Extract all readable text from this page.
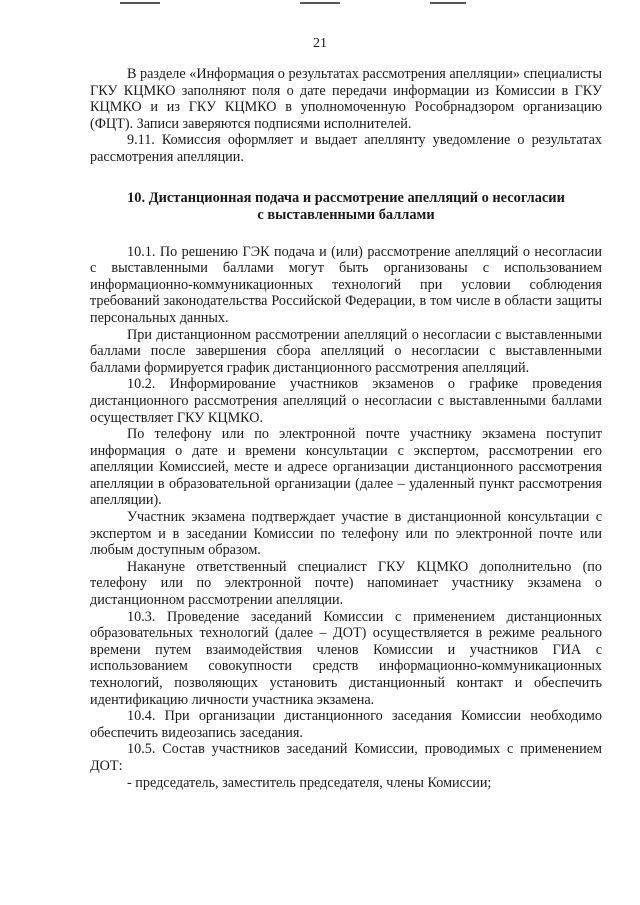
21

В разделе «Информация о результатах рассмотрения апелляции» специалисты ГКУ КЦМКО заполняют поля о дате передачи информации из Комиссии в ГКУ КЦМКО и из ГКУ КЦМКО в уполномоченную Рособрнадзором организацию (ФЦТ). Записи заверяются подписями исполнителей.

9.11. Комиссия оформляет и выдает апеллянту уведомление о результатах рассмотрения апелляции.

10. Дистанционная подача и рассмотрение апелляций о несогласии
с выставленными баллами

10.1. По решению ГЭК подача и (или) рассмотрение апелляций о несогласии с выставленными баллами могут быть организованы с использованием информационно-коммуникационных технологий при условии соблюдения требований законодательства Российской Федерации, в том числе в области защиты персональных данных.

При дистанционном рассмотрении апелляций о несогласии с выставленными баллами после завершения сбора апелляций о несогласии с выставленными баллами формируется график дистанционного рассмотрения апелляций.

10.2. Информирование участников экзаменов о графике проведения дистанционного рассмотрения апелляций о несогласии с выставленными баллами осуществляет ГКУ КЦМКО.

По телефону или по электронной почте участнику экзамена поступит информация о дате и времени консультации с экспертом, рассмотрении его апелляции Комиссией, месте и адресе организации дистанционного рассмотрения апелляции в образовательной организации (далее – удаленный пункт рассмотрения апелляции).

Участник экзамена подтверждает участие в дистанционной консультации с экспертом и в заседании Комиссии по телефону или по электронной почте или любым доступным образом.

Накануне ответственный специалист ГКУ КЦМКО дополнительно (по телефону или по электронной почте) напоминает участнику экзамена о дистанционном рассмотрении апелляции.

10.3. Проведение заседаний Комиссии с применением дистанционных образовательных технологий (далее – ДОТ) осуществляется в режиме реального времени путем взаимодействия членов Комиссии и участников ГИА с использованием совокупности средств информационно-коммуникационных технологий, позволяющих установить дистанционный контакт и обеспечить идентификацию личности участника экзамена.

10.4. При организации дистанционного заседания Комиссии необходимо обеспечить видеозапись заседания.

10.5. Состав участников заседаний Комиссии, проводимых с применением ДОТ:

- председатель, заместитель председателя, члены Комиссии;
